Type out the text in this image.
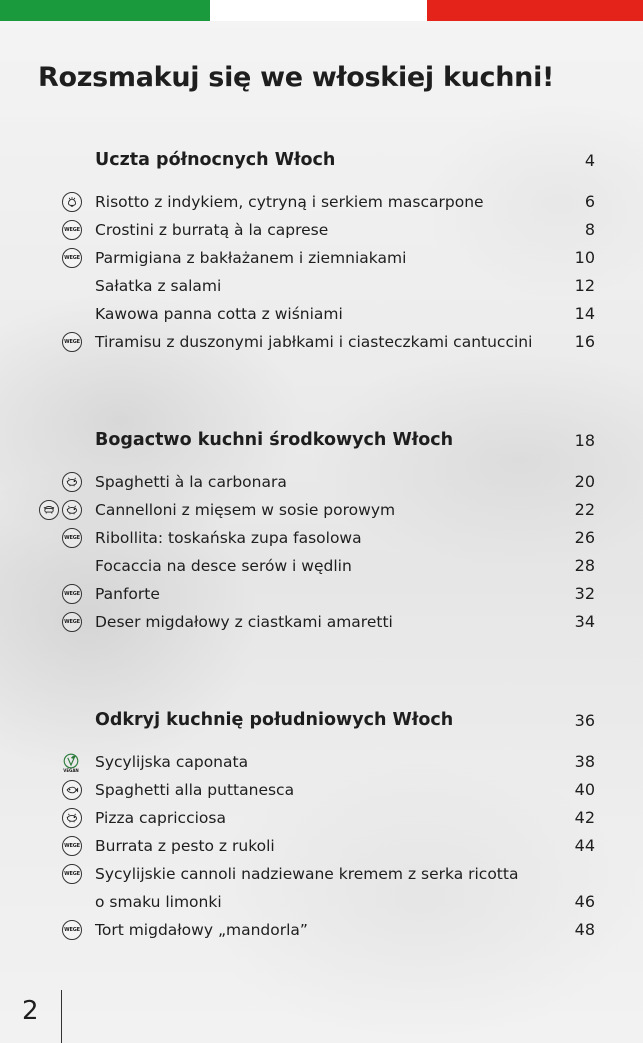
Rozsmakuj się we włoskiej kuchni!
Uczta północnych Włoch	4
Risotto z indykiem, cytryną i serkiem mascarpone	6
WEGE Crostini z burratą à la caprese	8
WEGE Parmigiana z bakłażanem i ziemniakami	10
Sałatka z salami	12
Kawowa panna cotta z wiśniami	14
WEGE Tiramisu z duszonymi jabłkami i ciasteczkami cantuccini	16
Bogactwo kuchni środkowych Włoch	18
Spaghetti à la carbonara	20
Cannelloni z mięsem w sosie porowym	22
WEGE Ribollita: toskańska zupa fasolowa	26
Focaccia na desce serów i wędlin	28
WEGE Panforte	32
WEGE Deser migdałowy z ciastkami amaretti	34
Odkryj kuchnię południowych Włoch	36
VEGAN Sycylijska caponata	38
Spaghetti alla puttanesca	40
Pizza capricciosa	42
WEGE Burrata z pesto z rukoli	44
WEGE Sycylijskie cannoli nadziewane kremem z serka ricotta
o smaku limonki	46
WEGE Tort migdałowy „mandorla”	48
2
